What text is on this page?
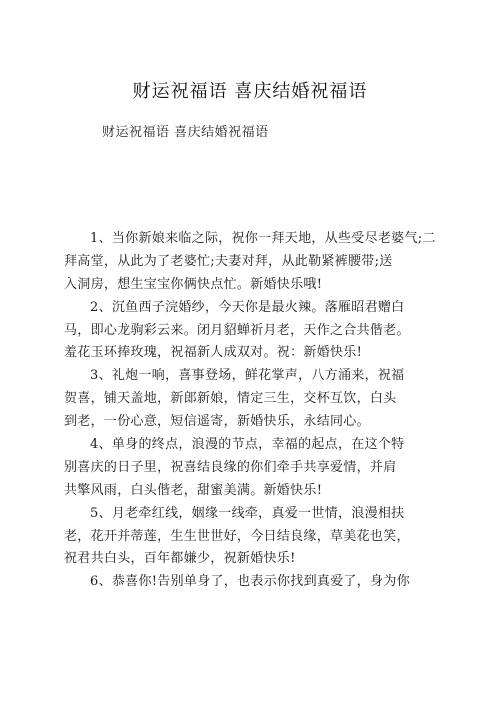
财运祝福语 喜庆结婚祝福语
财运祝福语 喜庆结婚祝福语
1、当你新娘来临之际，祝你一拜天地，从些受尽老婆气;二
拜高堂，从此为了老婆忙;夫妻对拜，从此勒紧裤腰带;送
入洞房，想生宝宝你俩快点忙。新婚快乐哦!
2、沉鱼西子浣婚纱，今天你是最火辣。落雁昭君赠白
马，即心龙驹彩云来。闭月貂蝉祈月老，天作之合共偕老。
羞花玉环捧玫瑰，祝福新人成双对。祝：新婚快乐!
3、礼炮一响，喜事登场，鲜花掌声，八方涌来，祝福
贺喜，铺天盖地，新郎新娘，情定三生，交杯互饮，白头
到老，一份心意，短信遥寄，新婚快乐，永结同心。
4、单身的终点，浪漫的节点，幸福的起点，在这个特
别喜庆的日子里，祝喜结良缘的你们牵手共享爱情，并肩
共擎风雨，白头偕老，甜蜜美满。新婚快乐!
5、月老牵红线，姻缘一线牵，真爱一世情，浪漫相扶
老，花开并蒂莲，生生世世好，今日结良缘，草美花也笑，
祝君共白头，百年都嫌少，祝新婚快乐!
6、恭喜你!告别单身了，也表示你找到真爱了，身为你
